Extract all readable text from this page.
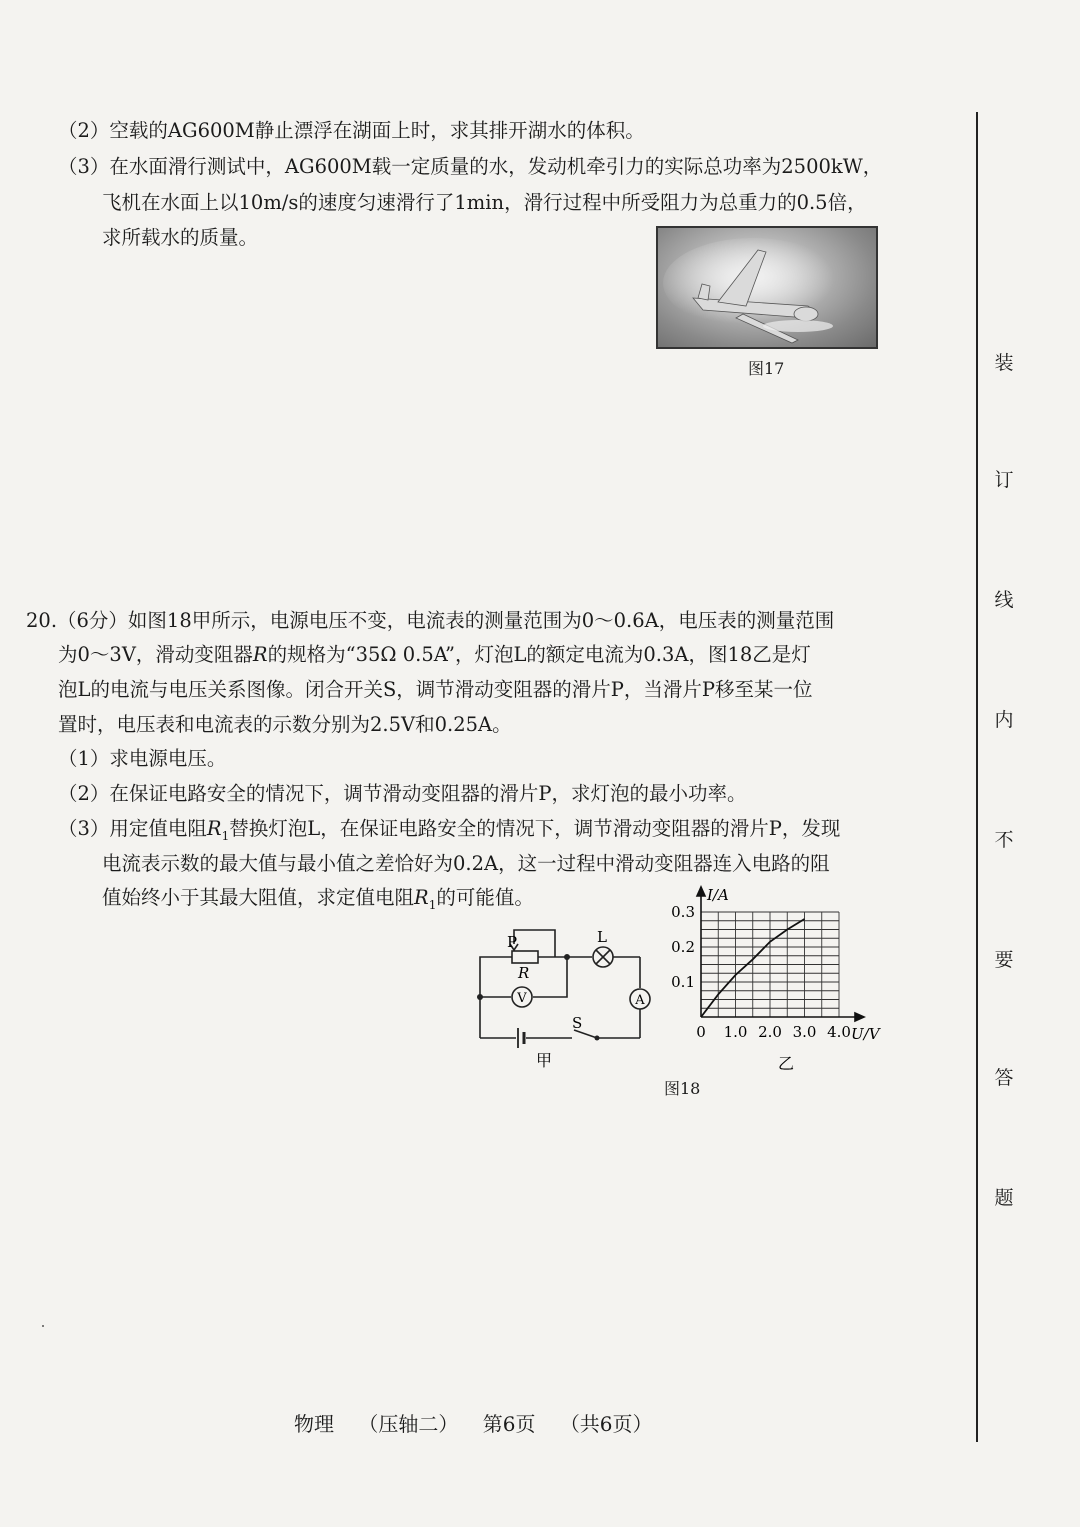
（2）空载的AG600M静止漂浮在湖面上时，求其排开湖水的体积。
（3）在水面滑行测试中，AG600M载一定质量的水，发动机牵引力的实际总功率为2500kW，
飞机在水面上以10m/s的速度匀速滑行了1min，滑行过程中所受阻力为总重力的0.5倍，
求所载水的质量。
图17
20.（6分）如图18甲所示，电源电压不变，电流表的测量范围为0～0.6A，电压表的测量范围
为0～3V，滑动变阻器R的规格为“35Ω 0.5A”，灯泡L的额定电流为0.3A，图18乙是灯
泡L的电流与电压关系图像。闭合开关S，调节滑动变阻器的滑片P，当滑片P移至某一位
置时，电压表和电流表的示数分别为2.5V和0.25A。
（1）求电源电压。
（2）在保证电路安全的情况下，调节滑动变阻器的滑片P，求灯泡的最小功率。
（3）用定值电阻$R_1$替换灯泡L，在保证电路安全的情况下，调节滑动变阻器的滑片P，发现
电流表示数的最大值与最小值之差恰好为0.2A，这一过程中滑动变阻器连入电路的阻
值始终小于其最大阻值，求定值电阻$R_1$的可能值。
P
R
L
V	A
S
甲
1.0 2.0 3.0 4.0
0.1
0.2
0.3
0
I/A
U/V
乙
图18
装
订
线
内
不
要
答
题
物理 （压轴二） 第6页 （共6页）
